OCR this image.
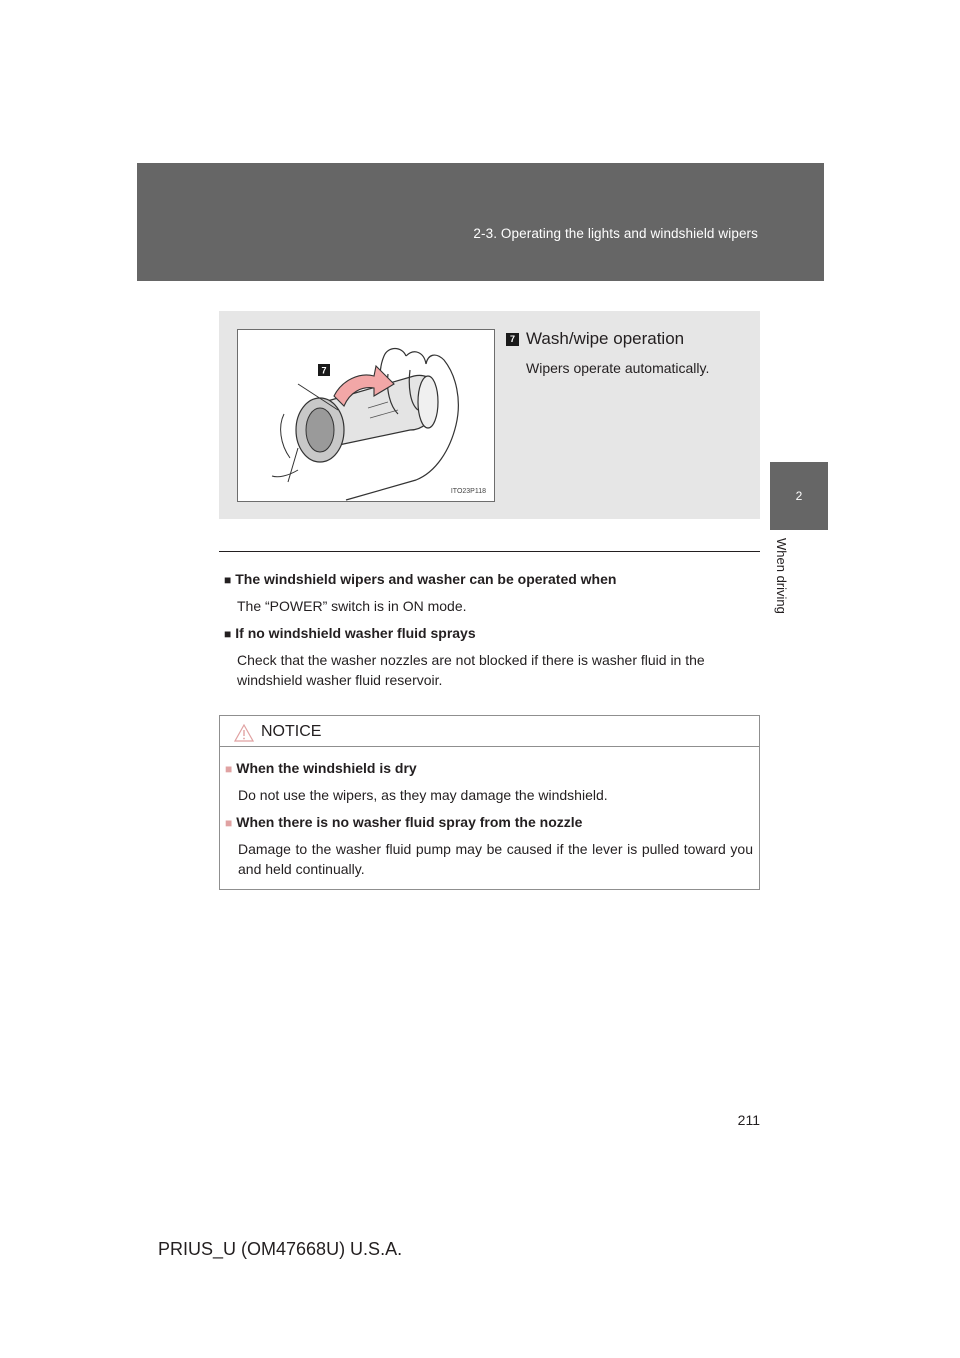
2-3. Operating the lights and windshield wipers
2
When driving
7
ITO23P118
7 Wash/wipe operation
Wipers operate automatically.
■ The windshield wipers and washer can be operated when
The “POWER” switch is in ON mode.
■ If no windshield washer fluid sprays
Check that the washer nozzles are not blocked if there is washer fluid in the windshield washer fluid reservoir.
NOTICE
■ When the windshield is dry
Do not use the wipers, as they may damage the windshield.
■ When there is no washer fluid spray from the nozzle
Damage to the washer fluid pump may be caused if the lever is pulled toward you and held continually.
211
PRIUS_U (OM47668U) U.S.A.
